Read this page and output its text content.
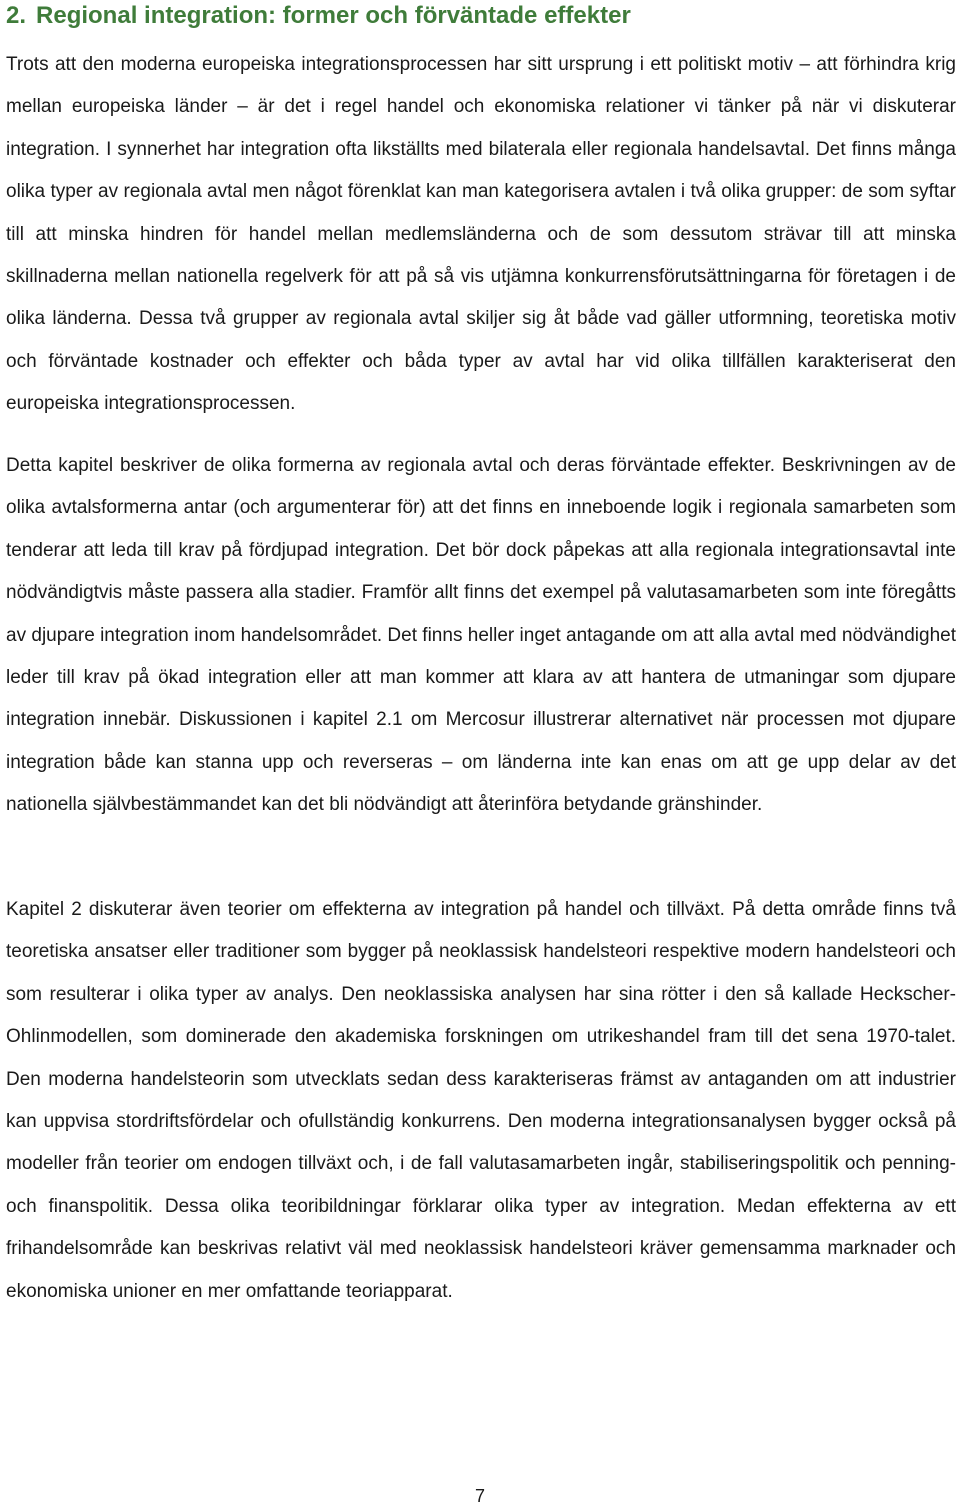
2. Regional integration: former och förväntade effekter

Trots att den moderna europeiska integrationsprocessen har sitt ursprung i ett politiskt motiv – att förhindra krig mellan europeiska länder – är det i regel handel och ekonomiska relationer vi tänker på när vi diskuterar integration. I synnerhet har integration ofta likställts med bilaterala eller regionala handelsavtal. Det finns många olika typer av regionala avtal men något förenklat kan man kategorisera avtalen i två olika grupper: de som syftar till att minska hindren för handel mellan medlemsländerna och de som dessutom strävar till att minska skillnaderna mellan nationella regelverk för att på så vis utjämna konkurrensförutsättningarna för företagen i de olika länderna. Dessa två grupper av regionala avtal skiljer sig åt både vad gäller utformning, teoretiska motiv och förväntade kostnader och effekter och båda typer av avtal har vid olika tillfällen karakteriserat den europeiska integrationsprocessen.

Detta kapitel beskriver de olika formerna av regionala avtal och deras förväntade effekter. Beskrivningen av de olika avtalsformerna antar (och argumenterar för) att det finns en inneboende logik i regionala samarbeten som tenderar att leda till krav på fördjupad integration. Det bör dock påpekas att alla regionala integrationsavtal inte nödvändigtvis måste passera alla stadier. Framför allt finns det exempel på valutasamarbeten som inte föregåtts av djupare integration inom handelsområdet. Det finns heller inget antagande om att alla avtal med nödvändighet leder till krav på ökad integration eller att man kommer att klara av att hantera de utmaningar som djupare integration innebär. Diskussionen i kapitel 2.1 om Mercosur illustrerar alternativet när processen mot djupare integration både kan stanna upp och reverseras – om länderna inte kan enas om att ge upp delar av det nationella självbestämmandet kan det bli nödvändigt att återinföra betydande gränshinder.

Kapitel 2 diskuterar även teorier om effekterna av integration på handel och tillväxt. På detta område finns två teoretiska ansatser eller traditioner som bygger på neoklassisk handelsteori respektive modern handelsteori och som resulterar i olika typer av analys. Den neoklassiska analysen har sina rötter i den så kallade Heckscher-Ohlinmodellen, som dominerade den akademiska forskningen om utrikeshandel fram till det sena 1970-talet. Den moderna handelsteorin som utvecklats sedan dess karakteriseras främst av antaganden om att industrier kan uppvisa stordriftsfördelar och ofullständig konkurrens. Den moderna integrationsanalysen bygger också på modeller från teorier om endogen tillväxt och, i de fall valutasamarbeten ingår, stabiliseringspolitik och penning- och finanspolitik. Dessa olika teoribildningar förklarar olika typer av integration. Medan effekterna av ett frihandelsområde kan beskrivas relativt väl med neoklassisk handelsteori kräver gemensamma marknader och ekonomiska unioner en mer omfattande teoriapparat.

7
